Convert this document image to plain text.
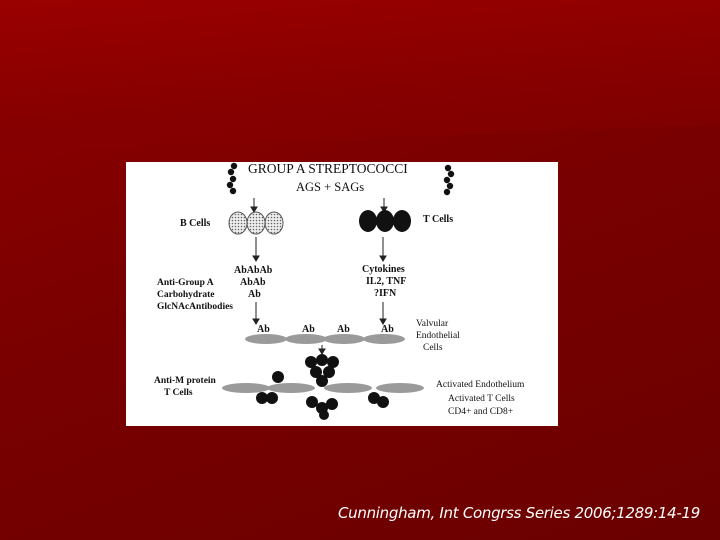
GROUP A STREPTOCOCCI
AGS + SAGs
B Cells	T Cells
AbAbAb
AbAb
Ab
Anti-Group A
Carbohydrate
GlcNAcAntibodies
Cytokines
IL2, TNF
?IFN
Ab	Ab Ab	Ab Valvular
Endothelial
Cells
Anti-M protein
T Cells
Activated Endothelium
Activated T Cells
CD4+ and CD8+
Cunningham, Int Congrss Series 2006;1289:14-19
